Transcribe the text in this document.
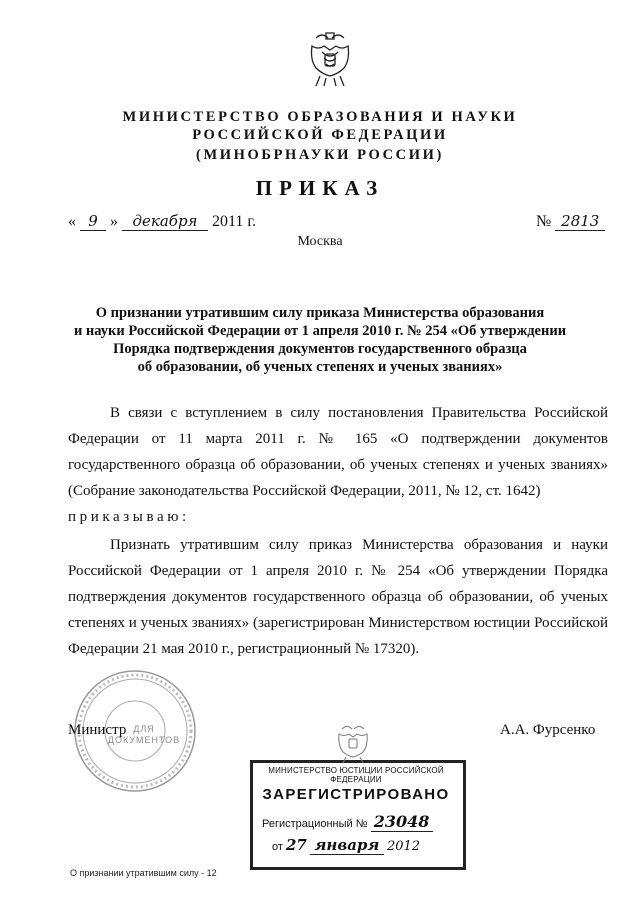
МИНИСТЕРСТВО ОБРАЗОВАНИЯ И НАУКИ
РОССИЙСКОЙ ФЕДЕРАЦИИ
(МИНОБРНАУКИ РОССИИ)
ПРИКАЗ
« 9 » декабря 2011 г.	№ 2813
Москва
О признании утратившим силу приказа Министерства образования
и науки Российской Федерации от 1 апреля 2010 г. № 254 «Об утверждении
Порядка подтверждения документов государственного образца
об образовании, об ученых степенях и ученых званиях»
В связи с вступлением в силу постановления Правительства Российской Федерации от 11 марта 2011 г. № 165 «О подтверждении документов государственного образца об образовании, об ученых степенях и ученых званиях» (Собрание законодательства Российской Федерации, 2011, № 12, ст. 1642)
приказываю:
Признать утратившим силу приказ Министерства образования и науки Российской Федерации от 1 апреля 2010 г. № 254 «Об утверждении Порядка подтверждения документов государственного образца об образовании, об ученых степенях и ученых званиях» (зарегистрирован Министерством юстиции Российской Федерации 21 мая 2010 г., регистрационный № 17320).
ДЛЯ ДОКУМЕНТОВ
Министр	А.А. Фурсенко
МИНИСТЕРСТВО ЮСТИЦИИ РОССИЙСКОЙ ФЕДЕРАЦИИ
ЗАРЕГИСТРИРОВАНО
Регистрационный № 23048
от 27 января 2012
О признании утратившим силу - 12
